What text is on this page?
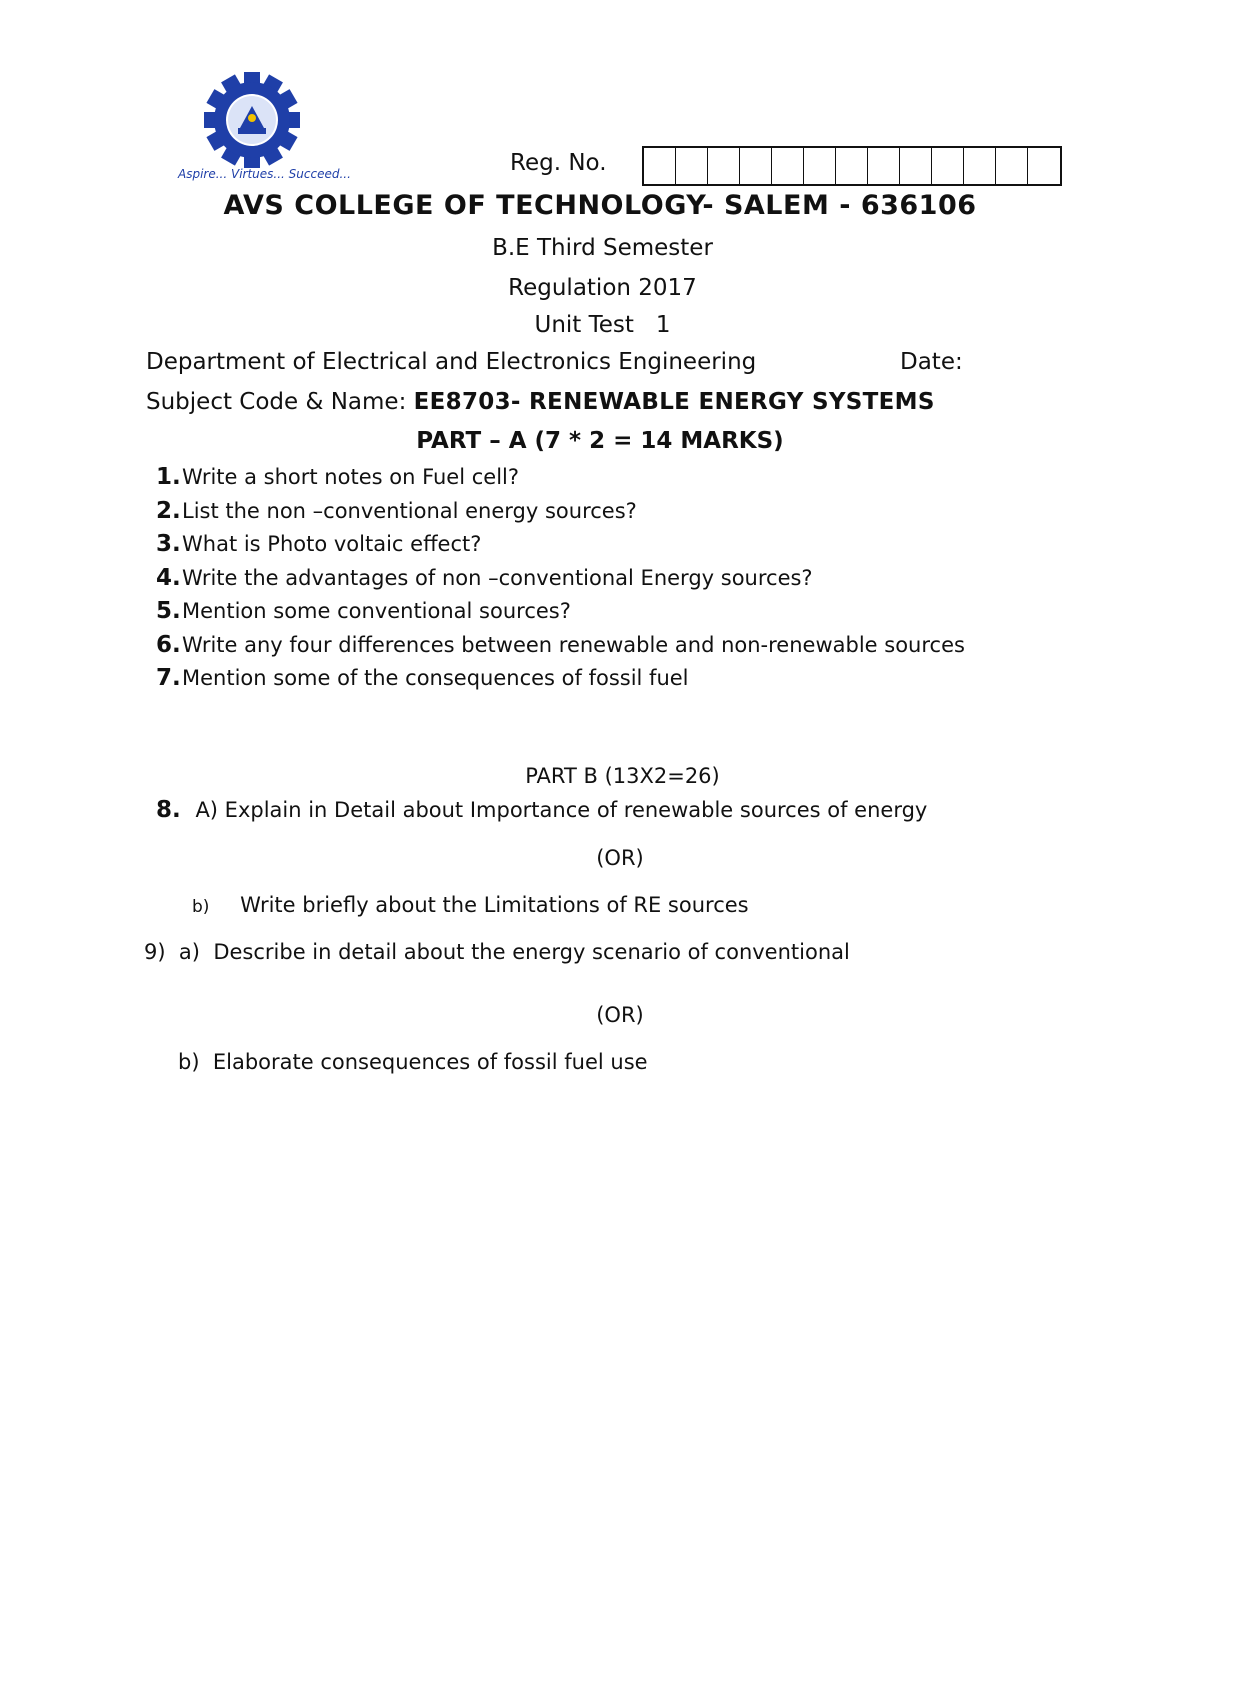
Aspire... Virtues... Succeed...	Reg. No.
AVS COLLEGE OF TECHNOLOGY- SALEM - 636106
B.E Third Semester
Regulation 2017
Unit Test   1
Department of Electrical and Electronics Engineering	Date:
Subject Code & Name: EE8703- RENEWABLE ENERGY SYSTEMS
PART – A (7 * 2 = 14 MARKS)
1. Write a short notes on Fuel cell?
2. List the non –conventional energy sources?
3. What is Photo voltaic effect?
4. Write the advantages of non –conventional Energy sources?
5. Mention some conventional sources?
6. Write any four differences between renewable and non-renewable sources
7. Mention some of the consequences of fossil fuel
PART B (13X2=26)
8. A) Explain in Detail about Importance of renewable sources of energy
(OR)
b) Write briefly about the Limitations of RE sources
9)  a)  Describe in detail about the energy scenario of conventional
(OR)
b)  Elaborate consequences of fossil fuel use
